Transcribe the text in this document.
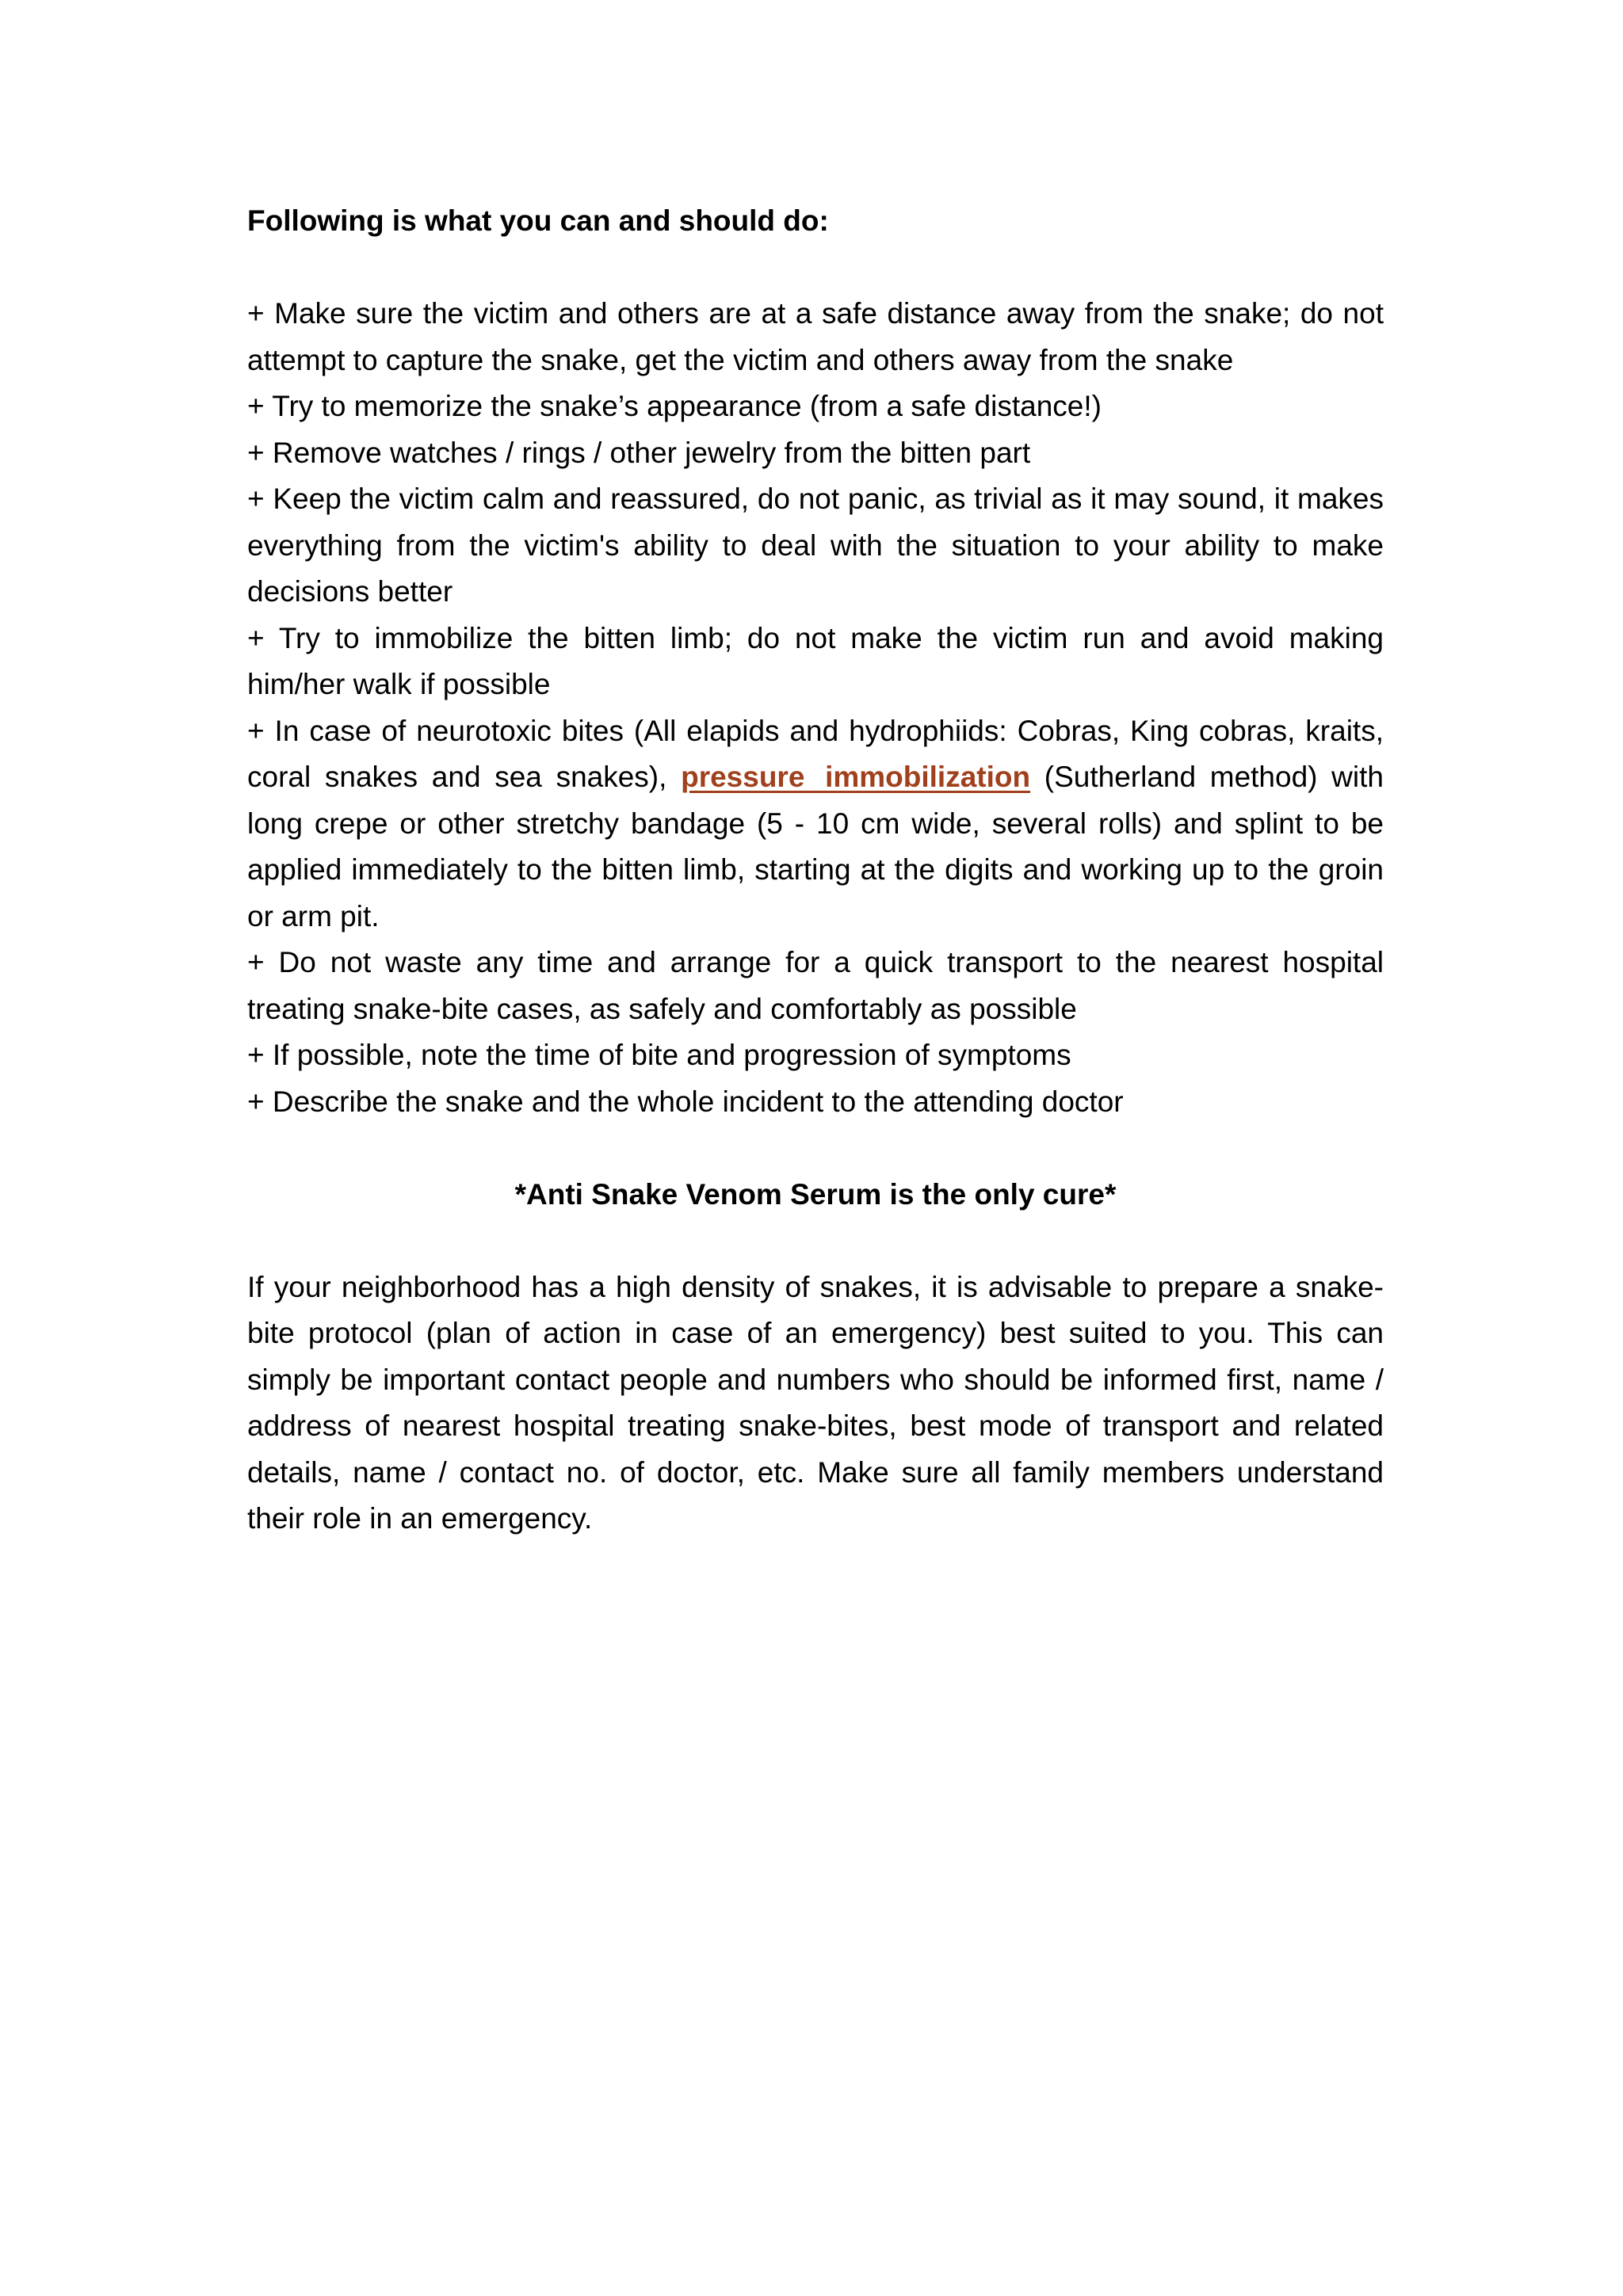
Following is what you can and should do:

+ Make sure the victim and others are at a safe distance away from the snake; do not attempt to capture the snake, get the victim and others away from the snake

+ Try to memorize the snake’s appearance (from a safe distance!)

+ Remove watches / rings / other jewelry from the bitten part

+ Keep the victim calm and reassured, do not panic, as trivial as it may sound, it makes everything from the victim's ability to deal with the situation to your ability to make decisions better

+ Try to immobilize the bitten limb; do not make the victim run and avoid making him/her walk if possible

+ In case of neurotoxic bites (All elapids and hydrophiids: Cobras, King cobras, kraits, coral snakes and sea snakes), pressure immobilization (Sutherland method) with long crepe or other stretchy bandage (5 - 10 cm wide, several rolls) and splint to be applied immediately to the bitten limb, starting at the digits and working up to the groin or arm pit.

+ Do not waste any time and arrange for a quick transport to the nearest hospital treating snake-bite cases, as safely and comfortably as possible

+ If possible, note the time of bite and progression of symptoms

+ Describe the snake and the whole incident to the attending doctor

*Anti Snake Venom Serum is the only cure*

If your neighborhood has a high density of snakes, it is advisable to prepare a snake-bite protocol (plan of action in case of an emergency) best suited to you. This can simply be important contact people and numbers who should be informed first, name / address of nearest hospital treating snake-bites, best mode of transport and related details, name / contact no. of doctor, etc. Make sure all family members understand their role in an emergency.
